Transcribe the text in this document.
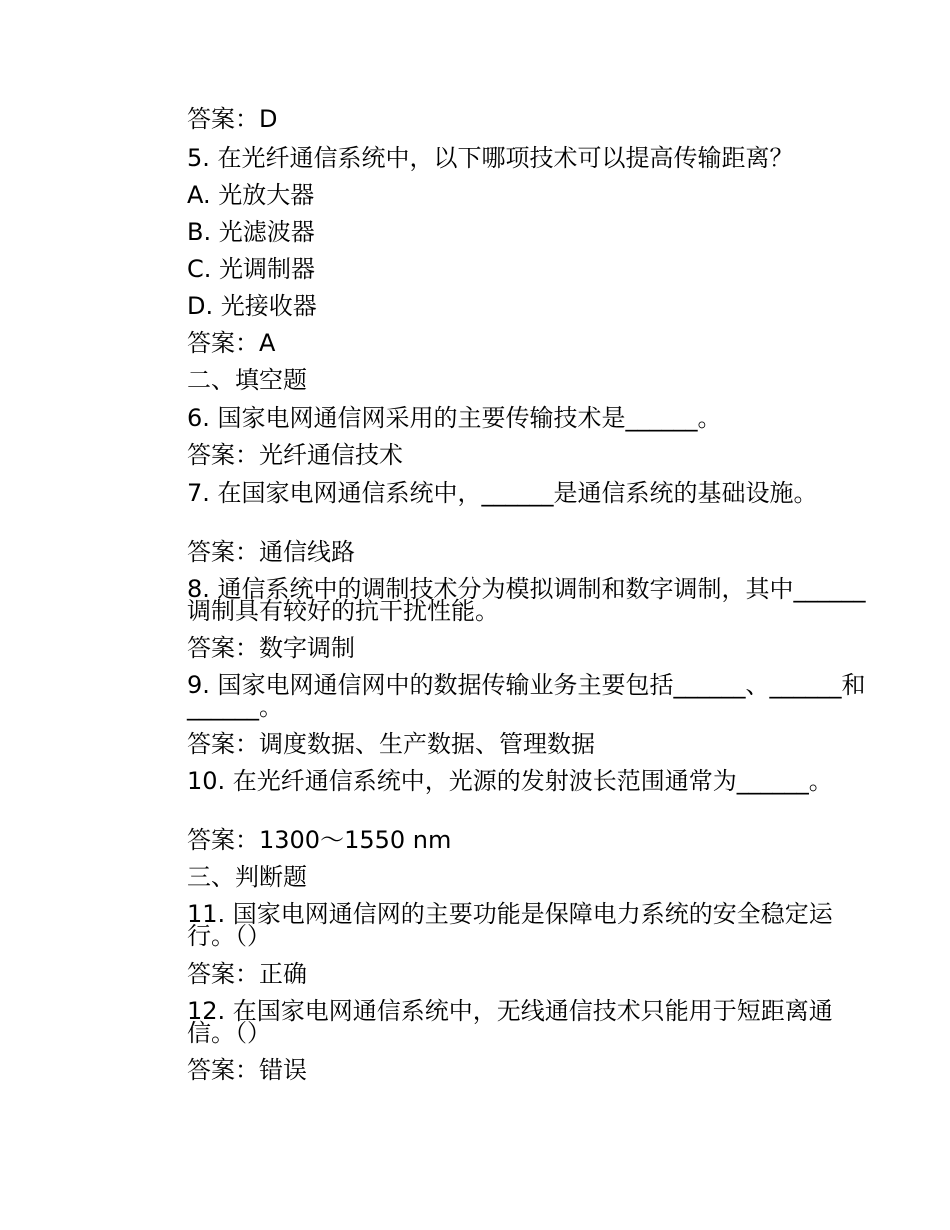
答案：D
5. 在光纤通信系统中，以下哪项技术可以提高传输距离？
A. 光放大器
B. 光滤波器
C. 光调制器
D. 光接收器
答案：A
二、填空题
6. 国家电网通信网采用的主要传输技术是______。
答案：光纤通信技术
7. 在国家电网通信系统中，______是通信系统的基础设施。
答案：通信线路
8. 通信系统中的调制技术分为模拟调制和数字调制，其中______调制具有较好的抗干扰性能。
答案：数字调制
9. 国家电网通信网中的数据传输业务主要包括______、______和______。
答案：调度数据、生产数据、管理数据
10. 在光纤通信系统中，光源的发射波长范围通常为______。
答案：1300～1550 nm
三、判断题
11. 国家电网通信网的主要功能是保障电力系统的安全稳定运行。（）
答案：正确
12. 在国家电网通信系统中，无线通信技术只能用于短距离通信。（）
答案：错误
